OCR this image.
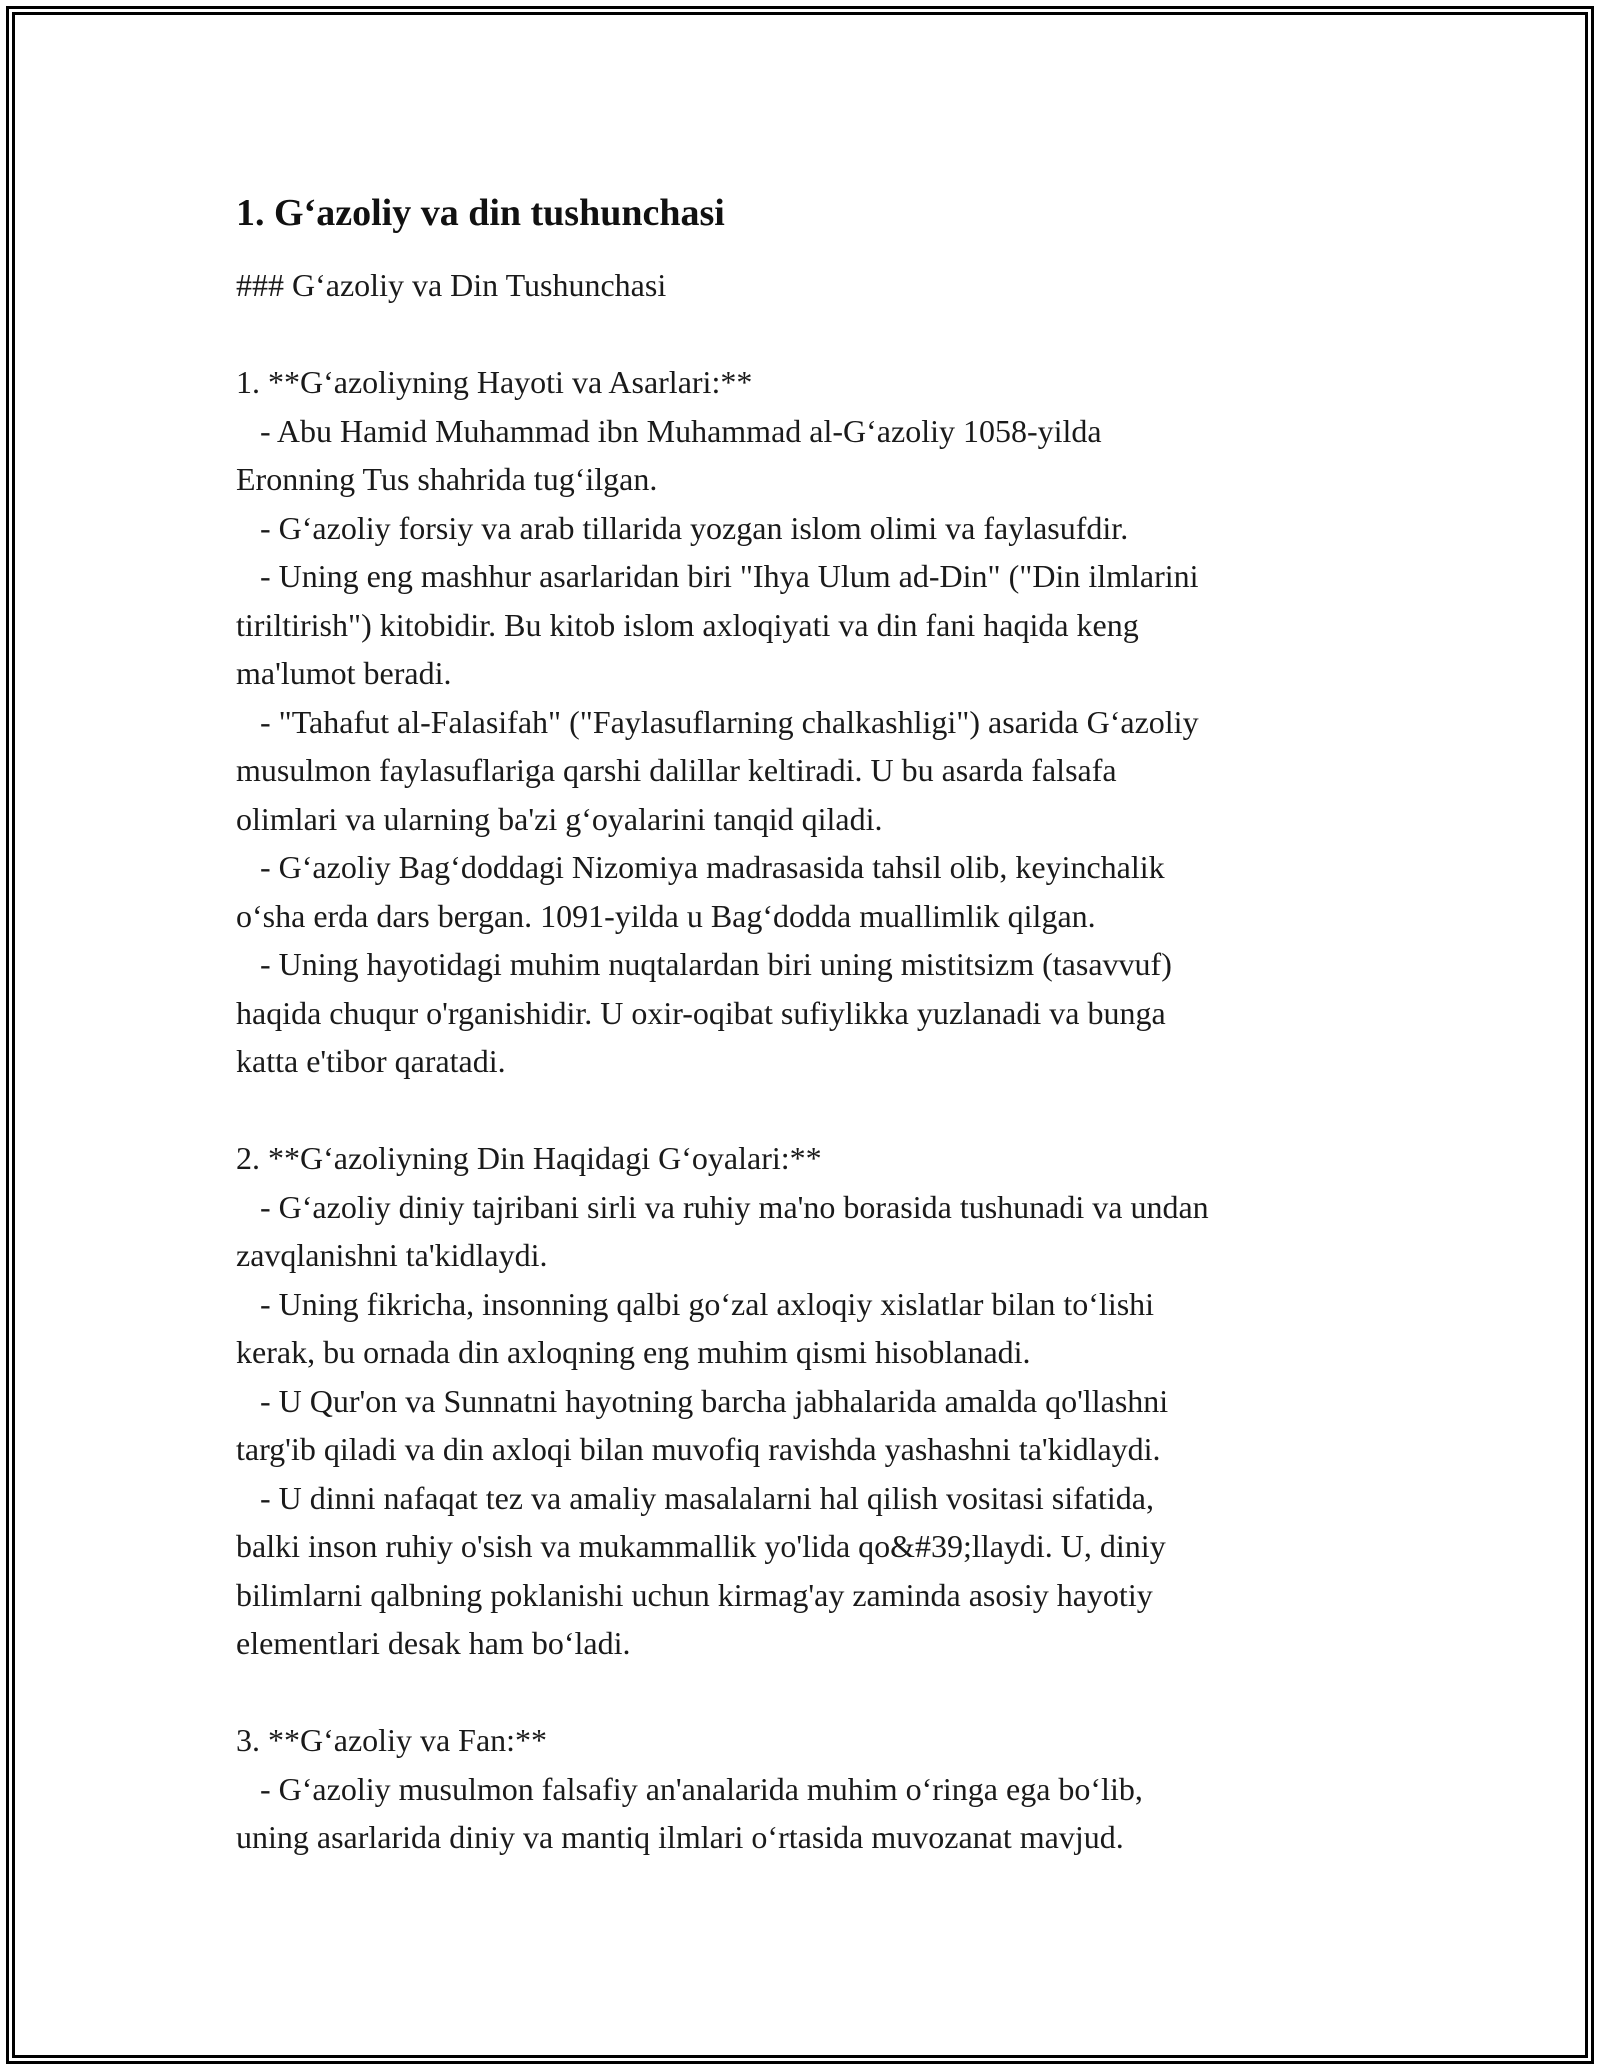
1. G‘azoliy va din tushunchasi
### G‘azoliy va Din Tushunchasi
1. **G‘azoliyning Hayoti va Asarlari:**
- Abu Hamid Muhammad ibn Muhammad al-G‘azoliy 1058-yilda
Eronning Tus shahrida tug‘ilgan.
- G‘azoliy forsiy va arab tillarida yozgan islom olimi va faylasufdir.
- Uning eng mashhur asarlaridan biri "Ihya Ulum ad-Din" ("Din ilmlarini
tiriltirish") kitobidir. Bu kitob islom axloqiyati va din fani haqida keng
ma'lumot beradi.
- "Tahafut al-Falasifah" ("Faylasuflarning chalkashligi") asarida G‘azoliy
musulmon faylasuflariga qarshi dalillar keltiradi. U bu asarda falsafa
olimlari va ularning ba'zi g‘oyalarini tanqid qiladi.
- G‘azoliy Bag‘doddagi Nizomiya madrasasida tahsil olib, keyinchalik
o‘sha erda dars bergan. 1091-yilda u Bag‘dodda muallimlik qilgan.
- Uning hayotidagi muhim nuqtalardan biri uning mistitsizm (tasavvuf)
haqida chuqur o'rganishidir. U oxir-oqibat sufiylikka yuzlanadi va bunga
katta e'tibor qaratadi.
2. **G‘azoliyning Din Haqidagi G‘oyalari:**
- G‘azoliy diniy tajribani sirli va ruhiy ma'no borasida tushunadi va undan
zavqlanishni ta'kidlaydi.
- Uning fikricha, insonning qalbi go‘zal axloqiy xislatlar bilan to‘lishi
kerak, bu ornada din axloqning eng muhim qismi hisoblanadi.
- U Qur'on va Sunnatni hayotning barcha jabhalarida amalda qo'llashni
targ'ib qiladi va din axloqi bilan muvofiq ravishda yashashni ta'kidlaydi.
- U dinni nafaqat tez va amaliy masalalarni hal qilish vositasi sifatida,
balki inson ruhiy o'sish va mukammallik yo'lida qo&#39;llaydi. U, diniy
bilimlarni qalbning poklanishi uchun kirmag'ay zaminda asosiy hayotiy
elementlari desak ham bo‘ladi.
3. **G‘azoliy va Fan:**
- G‘azoliy musulmon falsafiy an'analarida muhim o‘ringa ega bo‘lib,
uning asarlarida diniy va mantiq ilmlari o‘rtasida muvozanat mavjud.
